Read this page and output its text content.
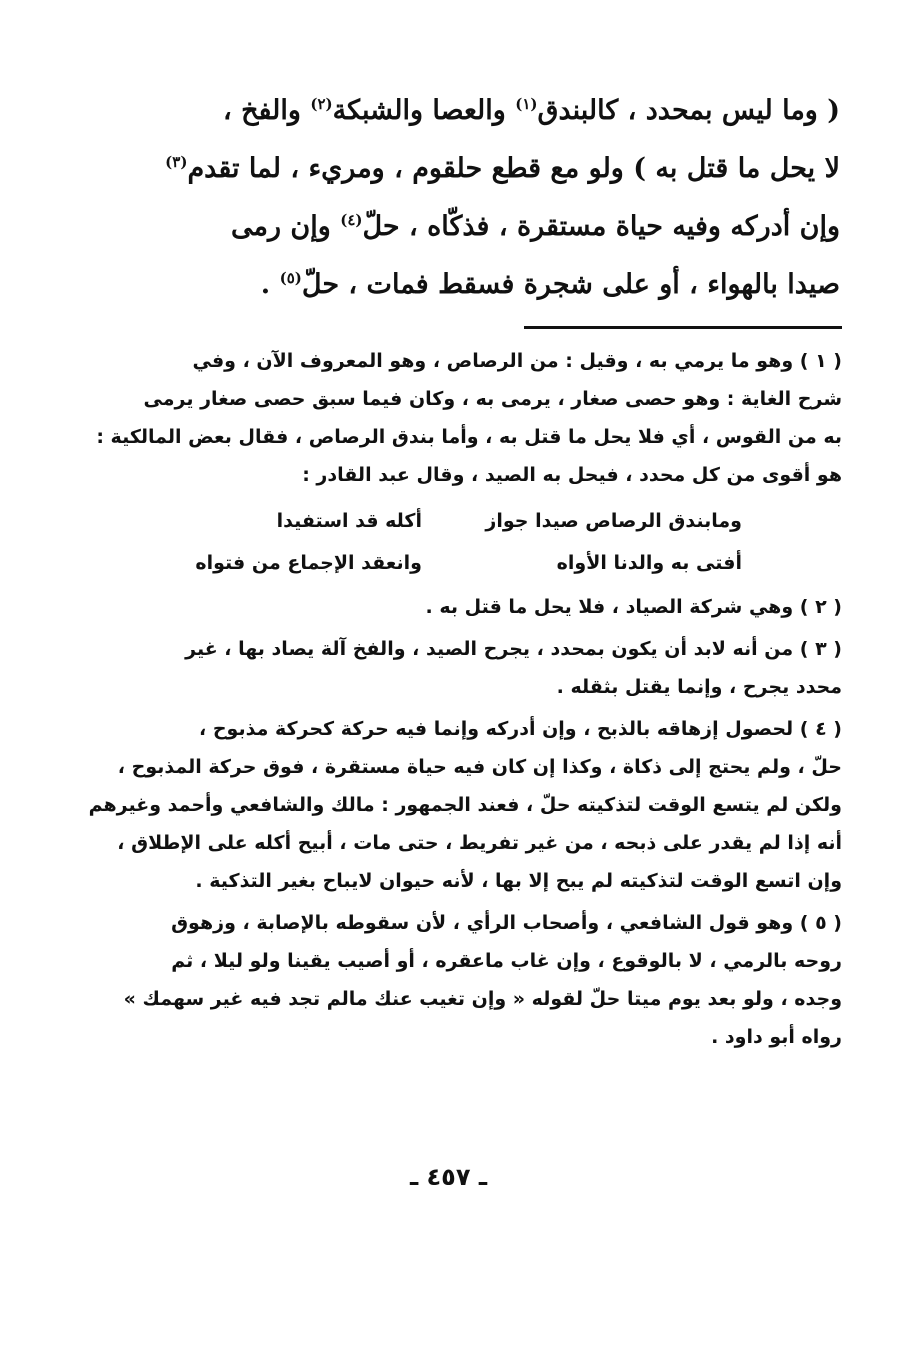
( وما ليس بمحدد ، كالبندق$^{(١)}$ والعصا والشبكة$^{(٢)}$ والفخ ،
لا يحل ما قتل به ) ولو مع قطع حلقوم ، ومريء ، لما تقدم$^{(٣)}$
وإن أدركه وفيه حياة مستقرة ، فذكّاه ، حلّ$^{(٤)}$ وإن رمى
صيدا بالهواء ، أو على شجرة فسقط فمات ، حلّ$^{(٥)}$ .
( ١ ) وهو ما يرمي به ، وقيل : من الرصاص ، وهو المعروف الآن ، وفي
شرح الغاية : وهو حصى صغار ، يرمى به ، وكان فيما سبق حصى صغار يرمى
به من القوس ، أي فلا يحل ما قتل به ، وأما بندق الرصاص ، فقال بعض المالكية :
هو أقوى من كل محدد ، فيحل به الصيد ، وقال عبد القادر :
ومابندق الرصاص صيدا جواز
أكله قد استفيدا
أفتى به والدنا الأواه
وانعقد الإجماع من فتواه
( ٢ ) وهي شركة الصياد ، فلا يحل ما قتل به .
( ٣ ) من أنه لابد أن يكون بمحدد ، يجرح الصيد ، والفخ آلة يصاد بها ، غير
محدد يجرح ، وإنما يقتل بثقله .
( ٤ ) لحصول إزهاقه بالذبح ، وإن أدركه وإنما فيه حركة كحركة مذبوح ،
حلّ ، ولم يحتج إلى ذكاة ، وكذا إن كان فيه حياة مستقرة ، فوق حركة المذبوح ،
ولكن لم يتسع الوقت لتذكيته حلّ ، فعند الجمهور : مالك والشافعي وأحمد وغيرهم
أنه إذا لم يقدر على ذبحه ، من غير تفريط ، حتى مات ، أبيح أكله على الإطلاق ،
وإن اتسع الوقت لتذكيته لم يبح إلا بها ، لأنه حيوان لايباح بغير التذكية .
( ٥ ) وهو قول الشافعي ، وأصحاب الرأي ، لأن سقوطه بالإصابة ، وزهوق
روحه بالرمي ، لا بالوقوع ، وإن غاب ماعقره ، أو أصيب يقينا ولو ليلا ، ثم
وجده ، ولو بعد يوم ميتا حلّ لقوله « وإن تغيب عنك مالم تجد فيه غير سهمك »
رواه أبو داود .
ـ ٤٥٧ ـ
